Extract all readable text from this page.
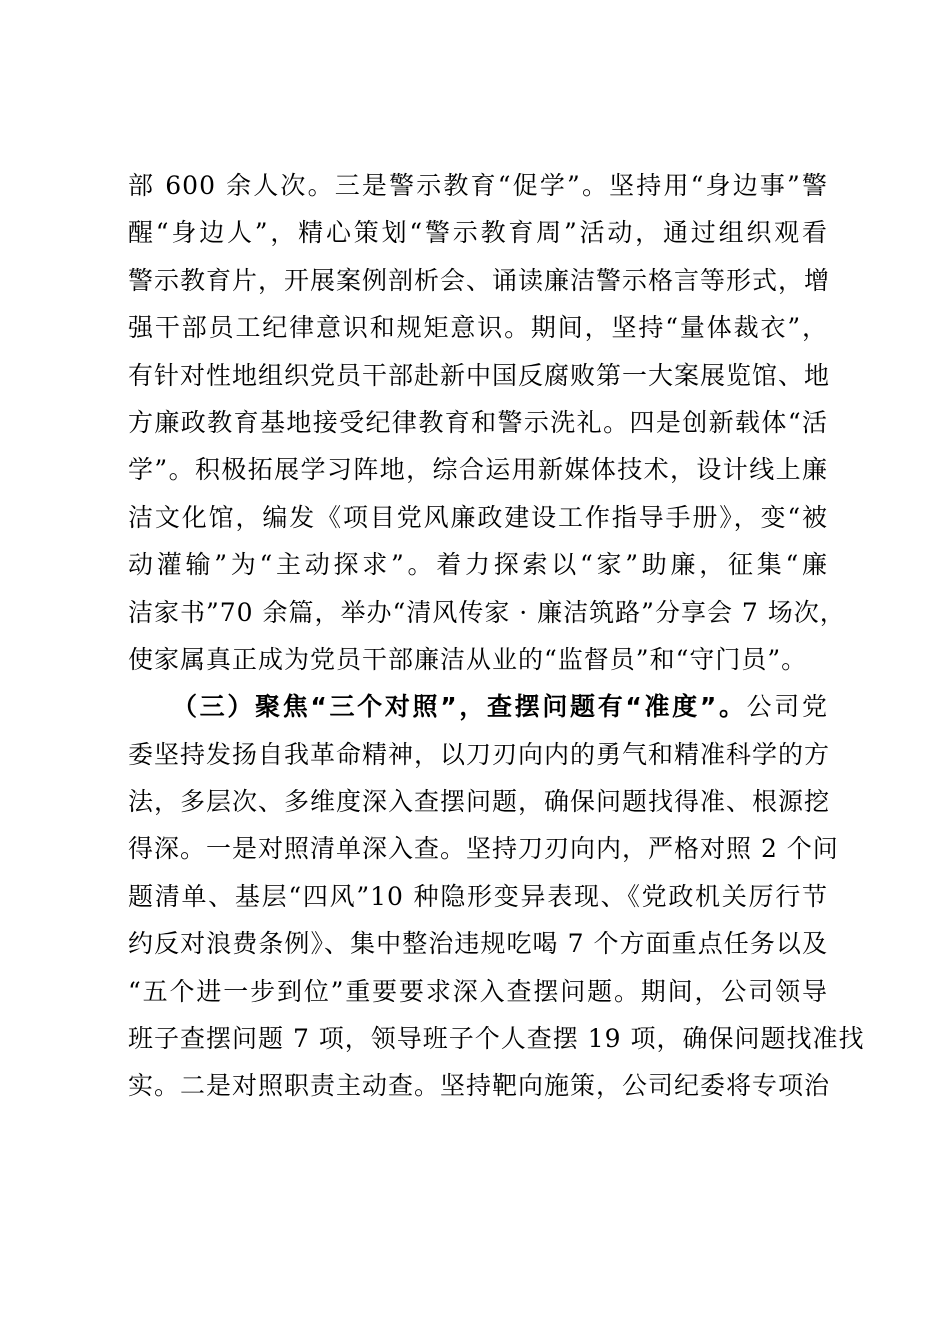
部 600 余人次。三是警示教育“促学”。坚持用“身边事”警
醒“身边人”，精心策划“警示教育周”活动，通过组织观看
警示教育片，开展案例剖析会、诵读廉洁警示格言等形式，增
强干部员工纪律意识和规矩意识。期间，坚持“量体裁衣”，
有针对性地组织党员干部赴新中国反腐败第一大案展览馆、地
方廉政教育基地接受纪律教育和警示洗礼。四是创新载体“活
学”。积极拓展学习阵地，综合运用新媒体技术，设计线上廉
洁文化馆，编发《项目党风廉政建设工作指导手册》，变“被
动灌输”为“主动探求”。着力探索以“家”助廉，征集“廉
洁家书”70 余篇，举办“清风传家 · 廉洁筑路”分享会 7 场次，
使家属真正成为党员干部廉洁从业的“监督员”和“守门员”。
（三）聚焦“三个对照”，查摆问题有“准度”。公司党
委坚持发扬自我革命精神，以刀刃向内的勇气和精准科学的方
法，多层次、多维度深入查摆问题，确保问题找得准、根源挖
得深。一是对照清单深入查。坚持刀刃向内，严格对照 2 个问
题清单、基层“四风”10 种隐形变异表现、《党政机关厉行节
约反对浪费条例》、集中整治违规吃喝 7 个方面重点任务以及
“五个进一步到位”重要要求深入查摆问题。期间，公司领导
班子查摆问题 7 项，领导班子个人查摆 19 项，确保问题找准找
实。二是对照职责主动查。坚持靶向施策，公司纪委将专项治
